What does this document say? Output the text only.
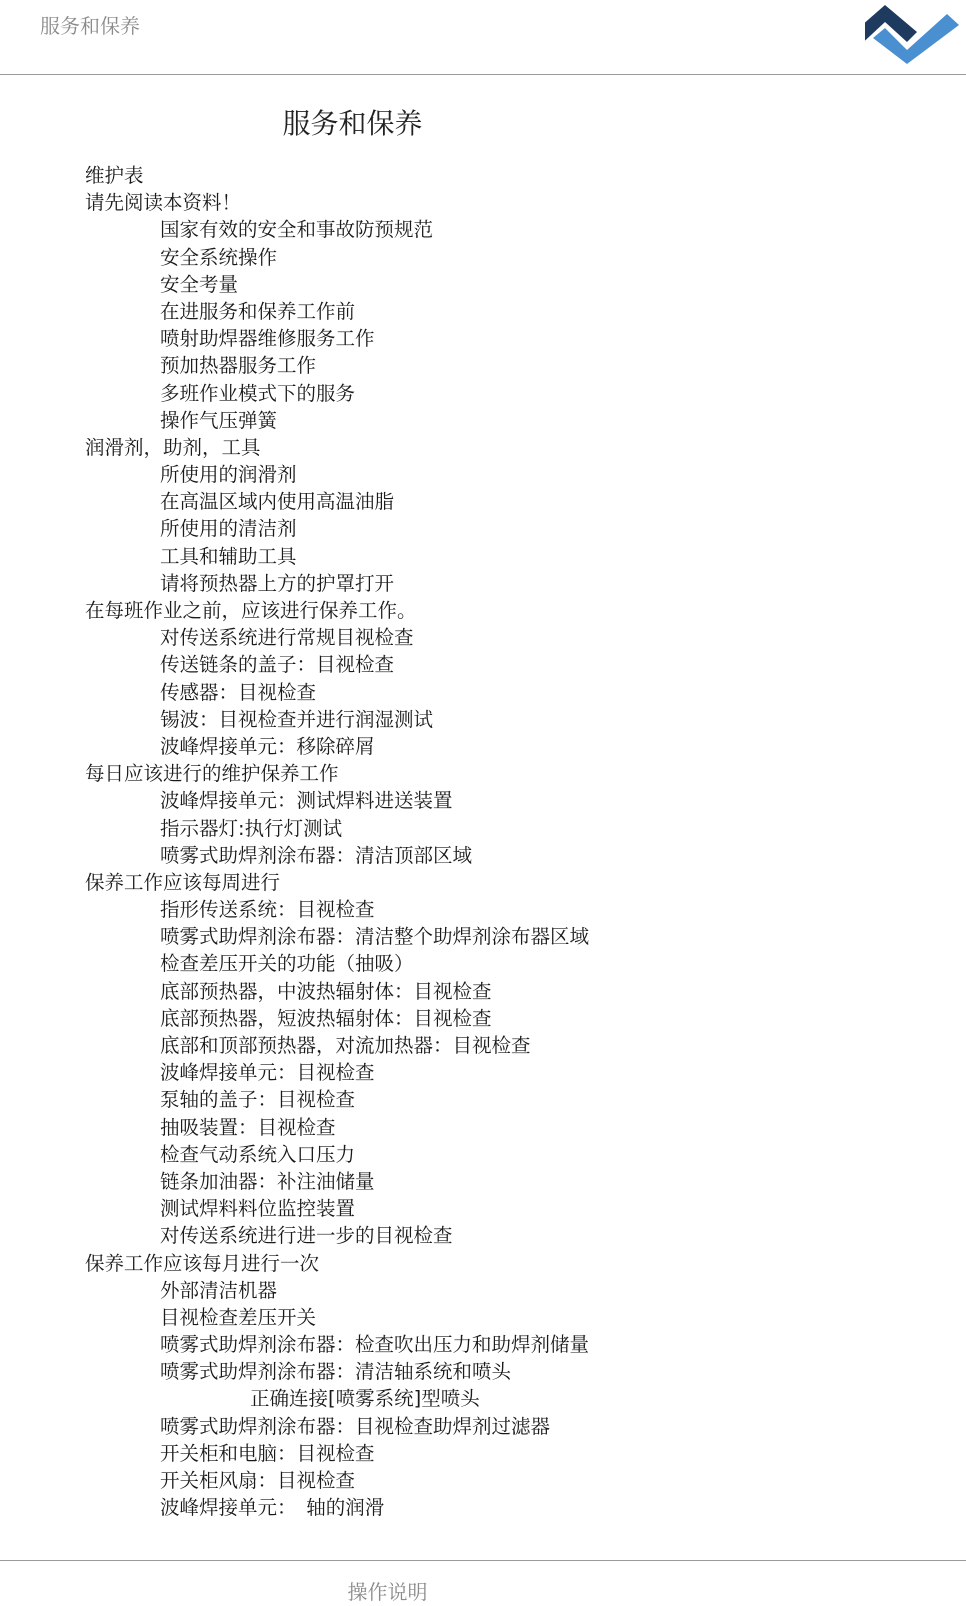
服务和保养
服务和保养
维护表
请先阅读本资料！
国家有效的安全和事故防预规范
安全系统操作
安全考量
在进服务和保养工作前
喷射助焊器维修服务工作
预加热器服务工作
多班作业模式下的服务
操作气压弹簧
润滑剂，助剂，工具
所使用的润滑剂
在高温区域内使用高温油脂
所使用的清洁剂
工具和辅助工具
请将预热器上方的护罩打开
在每班作业之前，应该进行保养工作。
对传送系统进行常规目视检查
传送链条的盖子：目视检查
传感器：目视检查
锡波：目视检查并进行润湿测试
波峰焊接单元：移除碎屑
每日应该进行的维护保养工作
波峰焊接单元：测试焊料进送装置
指示器灯:执行灯测试
喷雾式助焊剂涂布器：清洁顶部区域
保养工作应该每周进行
指形传送系统：目视检查
喷雾式助焊剂涂布器：清洁整个助焊剂涂布器区域
检查差压开关的功能（抽吸）
底部预热器，中波热辐射体：目视检查
底部预热器，短波热辐射体：目视检查
底部和顶部预热器，对流加热器：目视检查
波峰焊接单元：目视检查
泵轴的盖子：目视检查
抽吸装置：目视检查
检查气动系统入口压力
链条加油器：补注油储量
测试焊料料位监控装置
对传送系统进行进一步的目视检查
保养工作应该每月进行一次
外部清洁机器
目视检查差压开关
喷雾式助焊剂涂布器：检查吹出压力和助焊剂储量
喷雾式助焊剂涂布器：清洁轴系统和喷头
正确连接[喷雾系统]型喷头
喷雾式助焊剂涂布器：目视检查助焊剂过滤器
开关柜和电脑：目视检查
开关柜风扇：目视检查
波峰焊接单元：　轴的润滑
操作说明
